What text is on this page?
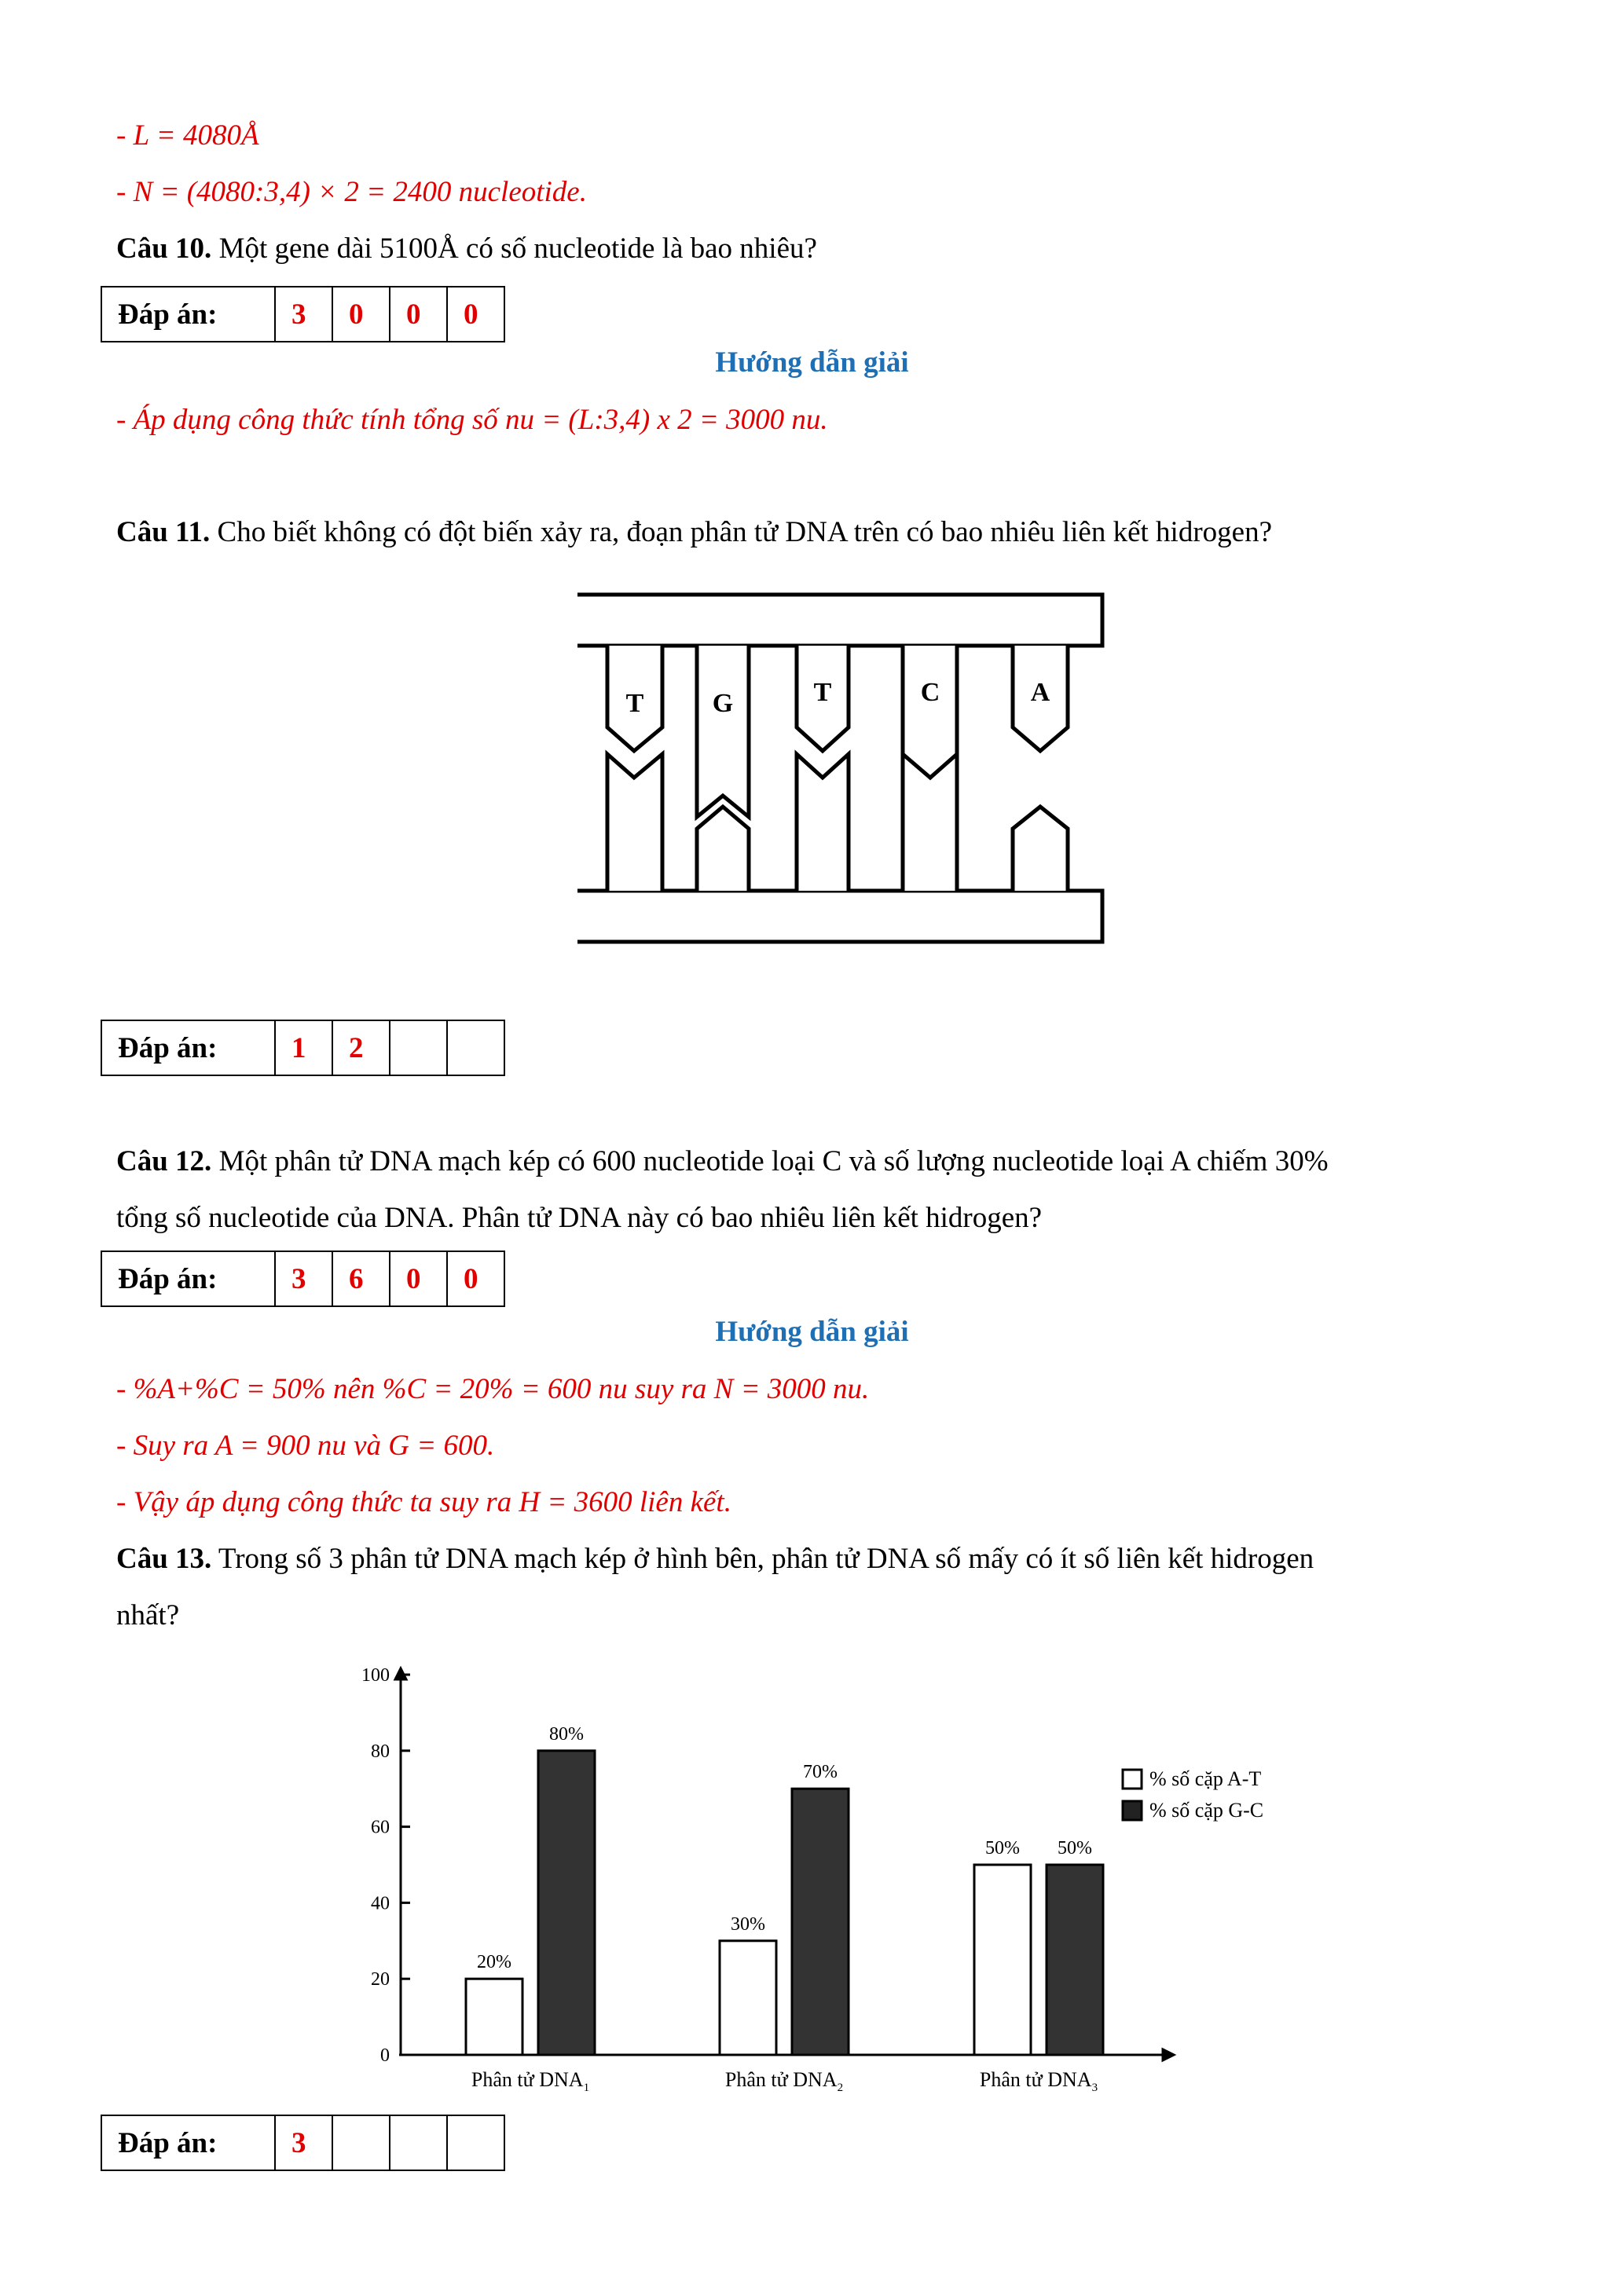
- L = 4080Å
- N = (4080:3,4) × 2 = 2400 nucleotide.
Câu 10. Một gene dài 5100Å có số nucleotide là bao nhiêu?
Đáp án:	3	0	0	0
Hướng dẫn giải
- Áp dụng công thức tính tổng số nu = (L:3,4) x 2 = 3000 nu.
Câu 11. Cho biết không có đột biến xảy ra, đoạn phân tử DNA trên có bao nhiêu liên kết hidrogen?
T	G	T	C	A
Đáp án:	1	2		
Câu 12. Một phân tử DNA mạch kép có 600 nucleotide loại C và số lượng nucleotide loại A chiếm 30%
tổng số nucleotide của DNA. Phân tử DNA này có bao nhiêu liên kết hidrogen?
Đáp án:	3	6	0	0
Hướng dẫn giải
- %A+%C = 50% nên %C = 20% = 600 nu suy ra N = 3000 nu.
- Suy ra A = 900 nu và G = 600.
- Vậy áp dụng công thức ta suy ra H = 3600 liên kết.
Câu 13. Trong số 3 phân tử DNA mạch kép ở hình bên, phân tử DNA số mấy có ít số liên kết hidrogen
nhất?
0
20
40
60
80
100
20%
80%
Phân tử $DNA_1$
30%
70%
Phân tử $DNA_2$
50% 50%
Phân tử $DNA_3$
% số cặp A-T
% số cặp G-C
Đáp án:	3			
